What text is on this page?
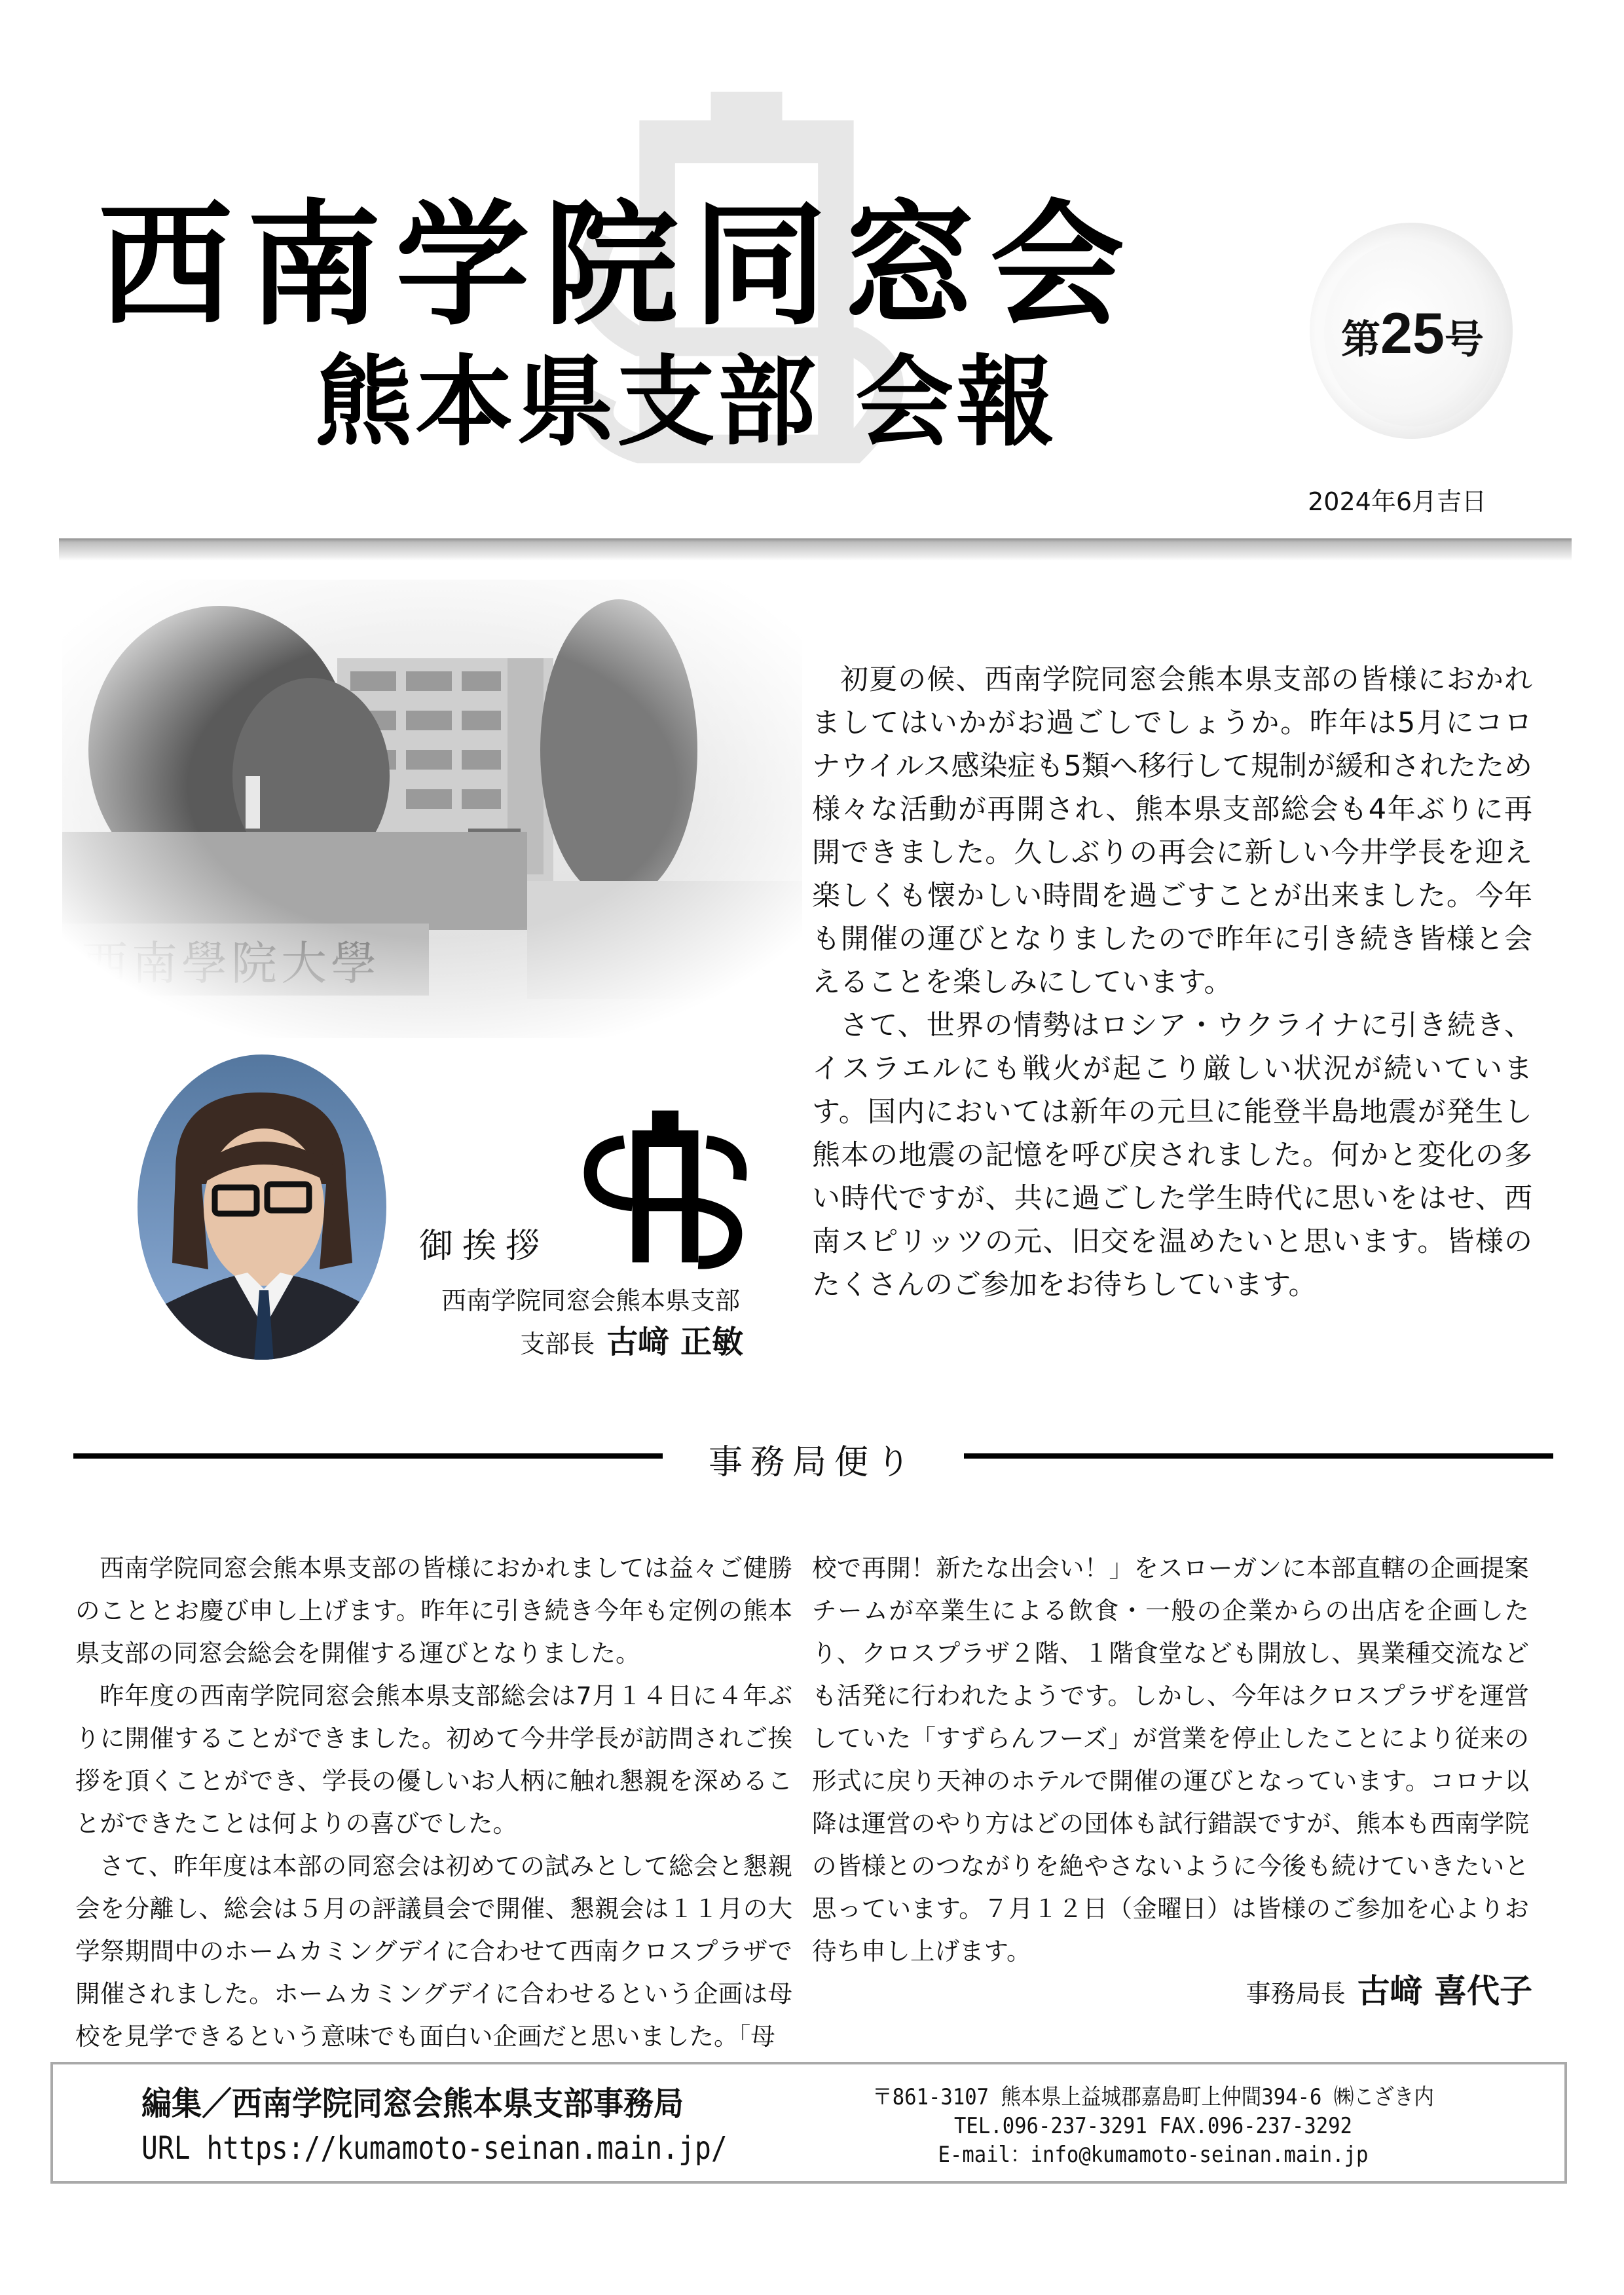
西南学院同窓会
熊本県支部 会報
第25号
2024年6月吉日

初夏の候、西南学院同窓会熊本県支部の皆様におかれましてはいかがお過ごしでしょうか。昨年は5月にコロナウイルス感染症も5類へ移行して規制が緩和されたため様々な活動が再開され、熊本県支部総会も4年ぶりに再開できました。久しぶりの再会に新しい今井学長を迎え楽しくも懐かしい時間を過ごすことが出来ました。今年も開催の運びとなりましたので昨年に引き続き皆様と会えることを楽しみにしています。

さて、世界の情勢はロシア・ウクライナに引き続き、イスラエルにも戦火が起こり厳しい状況が続いています。国内においては新年の元旦に能登半島地震が発生し熊本の地震の記憶を呼び戻されました。何かと変化の多い時代ですが、共に過ごした学生時代に思いをはせ、西南スピリッツの元、旧交を温めたいと思います。皆様のたくさんのご参加をお待ちしています。

御挨拶
西南学院同窓会熊本県支部
支部長 古﨑 正敏
事務局便り

西南学院同窓会熊本県支部の皆様におかれましては益々ご健勝のこととお慶び申し上げます。昨年に引き続き今年も定例の熊本県支部の同窓会総会を開催する運びとなりました。

昨年度の西南学院同窓会熊本県支部総会は7月１４日に４年ぶりに開催することができました。初めて今井学長が訪問されご挨拶を頂くことができ、学長の優しいお人柄に触れ懇親を深めることができたことは何よりの喜びでした。

さて、昨年度は本部の同窓会は初めての試みとして総会と懇親会を分離し、総会は５月の評議員会で開催、懇親会は１１月の大学祭期間中のホームカミングデイに合わせて西南クロスプラザで開催されました。ホームカミングデイに合わせるという企画は母校を見学できるという意味でも面白い企画だと思いました。「母

校で再開！新たな出会い！」をスローガンに本部直轄の企画提案チームが卒業生による飲食・一般の企業からの出店を企画したり、クロスプラザ２階、１階食堂なども開放し、異業種交流なども活発に行われたようです。しかし、今年はクロスプラザを運営していた「すずらんフーズ」が営業を停止したことにより従来の形式に戻り天神のホテルで開催の運びとなっています。コロナ以降は運営のやり方はどの団体も試行錯誤ですが、熊本も西南学院の皆様とのつながりを絶やさないように今後も続けていきたいと思っています。７月１２日（金曜日）は皆様のご参加を心よりお待ち申し上げます。

事務局長 古﨑 喜代子
編集／西南学院同窓会熊本県支部事務局
URL https://kumamoto-seinan.main.jp/
〒861-3107 熊本県上益城郡嘉島町上仲間394-6 ㈱こざき内
TEL.096-237-3291 FAX.096-237-3292
E-mail：info@kumamoto-seinan.main.jp
